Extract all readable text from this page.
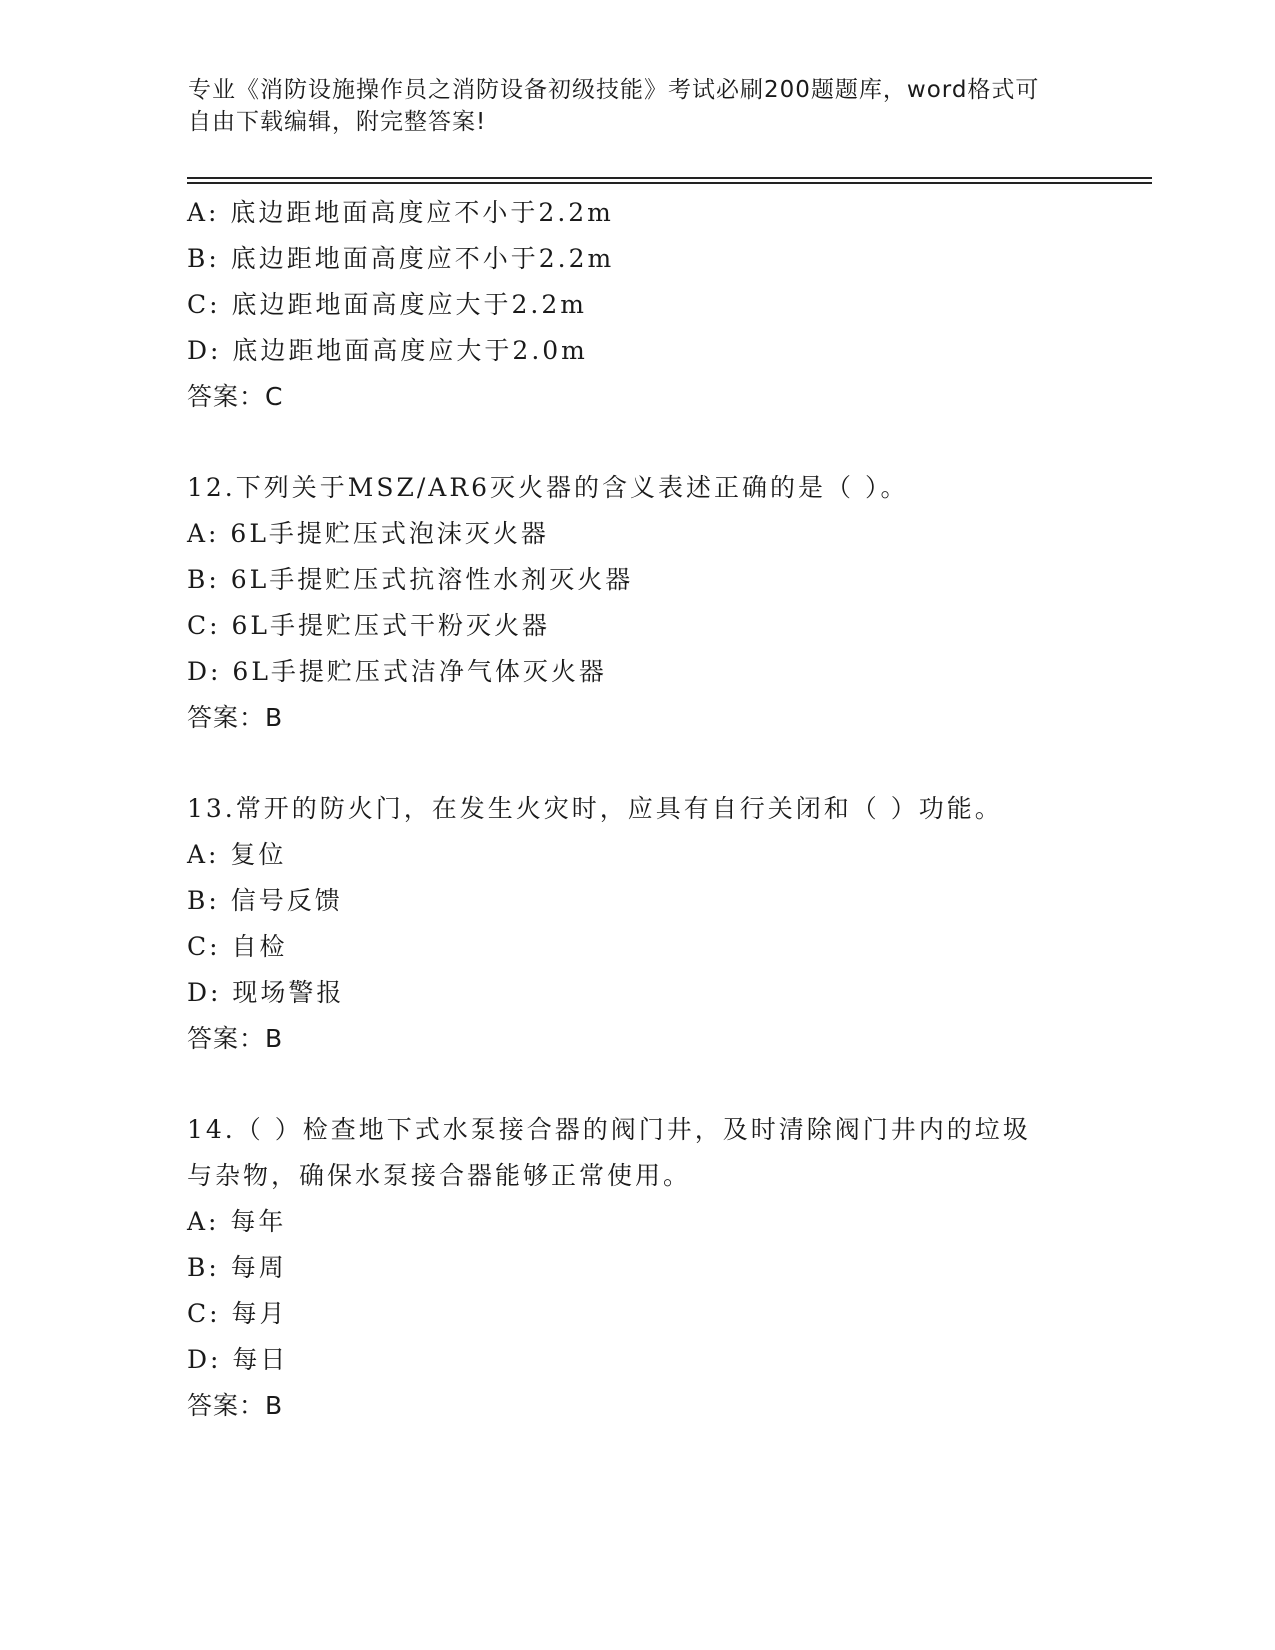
专业《消防设施操作员之消防设备初级技能》考试必刷200题题库，word格式可

自由下载编辑，附完整答案!

A: 底边距地面高度应不小于2.2m
B: 底边距地面高度应不小于2.2m
C: 底边距地面高度应大于2.2m
D: 底边距地面高度应大于2.0m
答案：C
12.下列关于MSZ/AR6灭火器的含义表述正确的是（ ）。
A: 6L手提贮压式泡沫灭火器
B: 6L手提贮压式抗溶性水剂灭火器
C: 6L手提贮压式干粉灭火器
D: 6L手提贮压式洁净气体灭火器
答案：B
13.常开的防火门，在发生火灾时，应具有自行关闭和（ ）功能。
A: 复位
B: 信号反馈
C: 自检
D: 现场警报
答案：B
14.（ ）检查地下式水泵接合器的阀门井，及时清除阀门井内的垃圾
与杂物，确保水泵接合器能够正常使用。
A: 每年
B: 每周
C: 每月
D: 每日
答案：B
